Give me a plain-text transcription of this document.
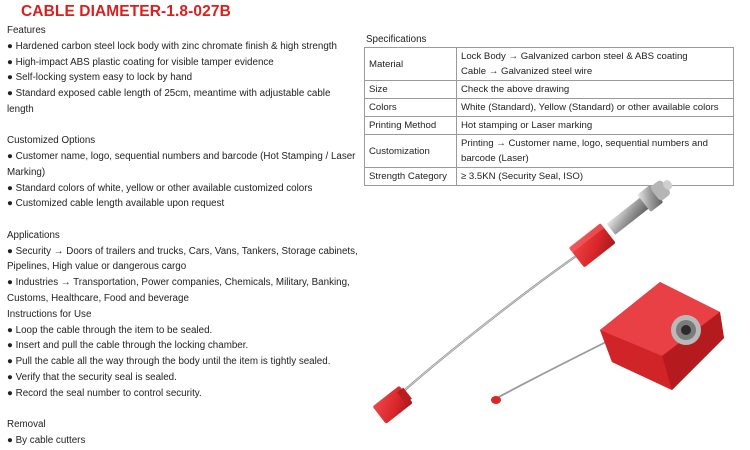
CABLE DIAMETER-1.8-027B
Features
● Hardened carbon steel lock body with zinc chromate finish & high strength
● High-impact ABS plastic coating for visible tamper evidence
● Self-locking system easy to lock by hand
● Standard exposed cable length of 25cm, meantime with adjustable cable length
Customized Options
● Customer name, logo, sequential numbers and barcode (Hot Stamping / Laser Marking)
● Standard colors of white, yellow or other available customized colors
● Customized cable length available upon request
Applications
● Security → Doors of trailers and trucks, Cars, Vans, Tankers, Storage cabinets, Pipelines, High value or dangerous cargo
● Industries → Transportation, Power companies, Chemicals, Military, Banking, Customs, Healthcare, Food and beverage
Instructions for Use
● Loop the cable through the item to be sealed.
● Insert and pull the cable through the locking chamber.
● Pull the cable all the way through the body until the item is tightly sealed.
● Verify that the security seal is sealed.
● Record the seal number to control security.
Removal
● By cable cutters
Specifications
Material	Lock Body → Galvanized carbon steel & ABS coating
Cable → Galvanized steel wire

Size	Check the above drawing
Colors	White (Standard), Yellow (Standard) or other available colors
Printing Method	Hot stamping or Laser marking
Customization	Printing → Customer name, logo, sequential numbers and barcode (Laser)
Strength Category	≥ 3.5KN (Security Seal, ISO)
